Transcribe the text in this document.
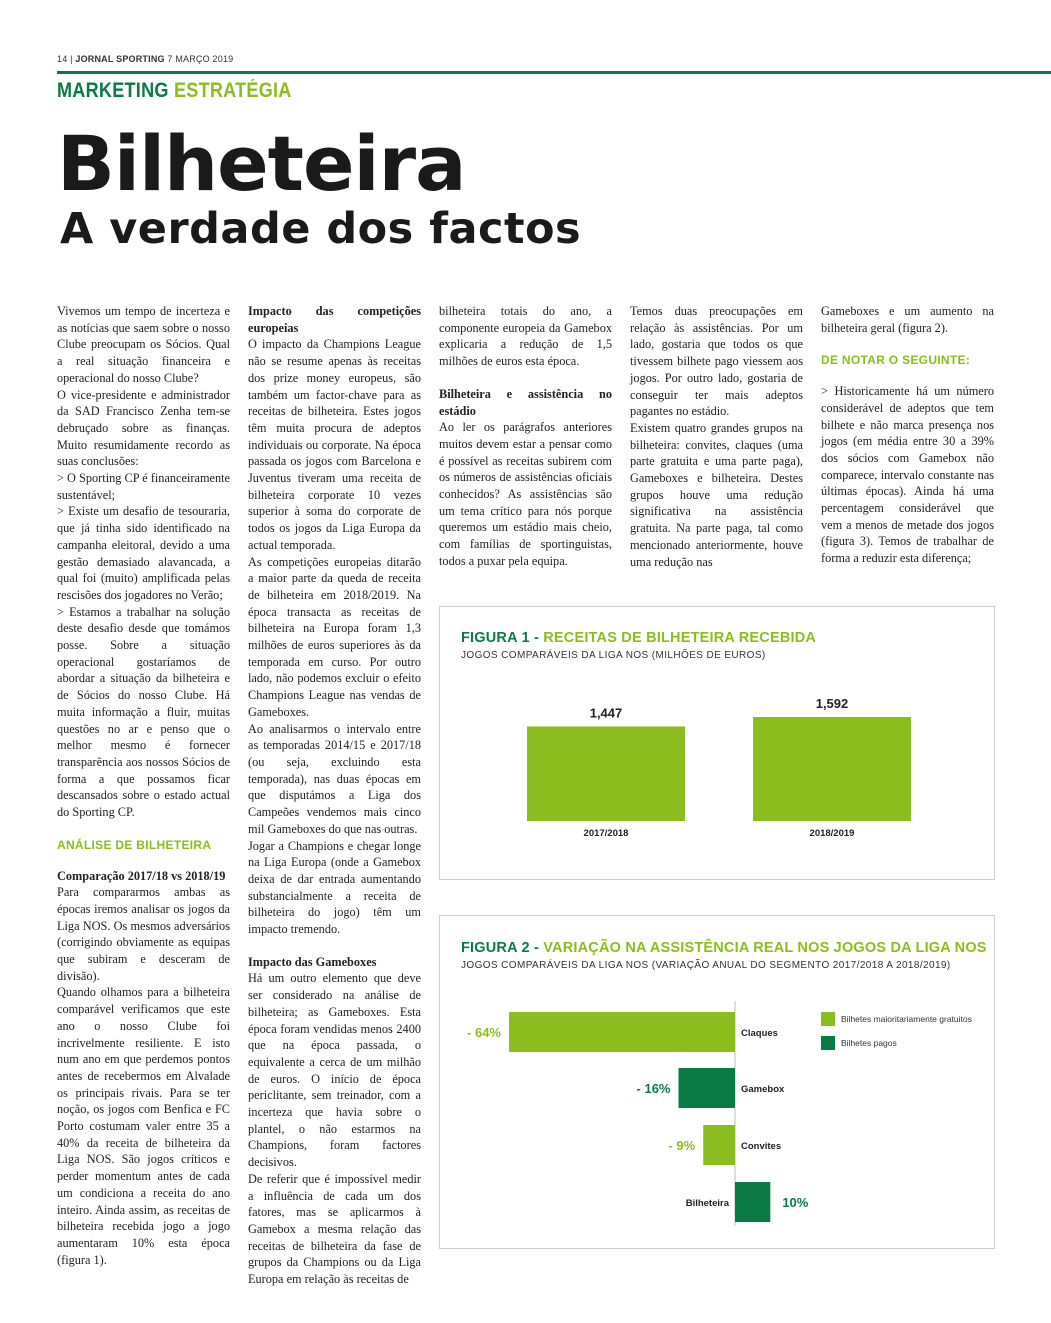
14 | JORNAL SPORTING 7 MARÇO 2019
MARKETING ESTRATÉGIA
Bilheteira
A verdade dos factos

Vivemos um tempo de incerteza e as notícias que saem sobre o nosso Clube preocupam os Sócios. Qual a real situação financeira e operacional do nosso Clube?

O vice-presidente e administrador da SAD Francisco Zenha tem-se debruçado sobre as finanças. Muito resumidamente recordo as suas conclusões:

> O Sporting CP é financeiramente sustentável;

> Existe um desafio de tesouraria, que já tinha sido identificado na campanha eleitoral, devido a uma gestão demasiado alavancada, a qual foi (muito) amplificada pelas rescisões dos jogadores no Verão;

> Estamos a trabalhar na solução deste desafio desde que tomámos posse. Sobre a situação operacional gostaríamos de abordar a situação da bilheteira e de Sócios do nosso Clube. Há muita informação a fluir, muitas questões no ar e penso que o melhor mesmo é fornecer transparência aos nossos Sócios de forma a que possamos ficar descansados sobre o estado actual do Sporting CP.

ANÁLISE DE BILHETEIRA

Comparação 2017/18 vs 2018/19

Para compararmos ambas as épocas iremos analisar os jogos da Liga NOS. Os mesmos adversários (corrigindo obviamente as equipas que subiram e desceram de divisão).

Quando olhamos para a bilheteira comparável verificamos que este ano o nosso Clube foi incrivelmente resiliente. E isto num ano em que perdemos pontos antes de recebermos em Alvalade os principais rivais. Para se ter noção, os jogos com Benfica e FC Porto costumam valer entre 35 a 40% da receita de bilheteira da Liga NOS. São jogos críticos e perder momentum antes de cada um condiciona a receita do ano inteiro. Ainda assim, as receitas de bilheteira recebida jogo a jogo aumentaram 10% esta época (figura 1).

Impacto das competições europeias

O impacto da Champions League não se resume apenas às receitas dos prize money europeus, são também um factor-chave para as receitas de bilheteira. Estes jogos têm muita procura de adeptos individuais ou corporate. Na época passada os jogos com Barcelona e Juventus tiveram uma receita de bilheteira corporate 10 vezes superior à soma do corporate de todos os jogos da Liga Europa da actual temporada.

As competições europeias ditarão a maior parte da queda de receita de bilheteira em 2018/2019. Na época transacta as receitas de bilheteira na Europa foram 1,3 milhões de euros superiores às da temporada em curso. Por outro lado, não podemos excluir o efeito Champions League nas vendas de Gameboxes.

Ao analisarmos o intervalo entre as temporadas 2014/15 e 2017/18 (ou seja, excluindo esta temporada), nas duas épocas em que disputámos a Liga dos Campeões vendemos mais cinco mil Gameboxes do que nas outras.

Jogar a Champions e chegar longe na Liga Europa (onde a Gamebox deixa de dar entrada aumentando substancialmente a receita de bilheteira do jogo) têm um impacto tremendo.

Impacto das Gameboxes

Há um outro elemento que deve ser considerado na análise de bilheteira; as Gameboxes. Esta época foram vendidas menos 2400 que na época passada, o equivalente a cerca de um milhão de euros. O início de época periclitante, sem treinador, com a incerteza que havia sobre o plantel, o não estarmos na Champions, foram factores decisivos.

De referir que é impossível medir a influência de cada um dos fatores, mas se aplicarmos à Gamebox a mesma relação das receitas de bilheteira da fase de grupos da Champions ou da Liga Europa em relação às receitas de

bilheteira totais do ano, a componente europeia da Gamebox explicaria a redução de 1,5 milhões de euros esta época.

Bilheteira e assistência no estádio

Ao ler os parágrafos anteriores muitos devem estar a pensar como é possível as receitas subirem com os números de assistências oficiais conhecidos? As assistências são um tema crítico para nós porque queremos um estádio mais cheio, com famílias de sportinguistas, todos a puxar pela equipa.

Temos duas preocupações em relação às assistências. Por um lado, gostaria que todos os que tivessem bilhete pago viessem aos jogos. Por outro lado, gostaria de conseguir ter mais adeptos pagantes no estádio.

Existem quatro grandes grupos na bilheteira: convites, claques (uma parte gratuita e uma parte paga), Gameboxes e bilheteira. Destes grupos houve uma redução significativa na assistência gratuita. Na parte paga, tal como mencionado anteriormente, houve uma redução nas

Gameboxes e um aumento na bilheteira geral (figura 2).

DE NOTAR O SEGUINTE:

> Historicamente há um número considerável de adeptos que tem bilhete e não marca presença nos jogos (em média entre 30 a 39% dos sócios com Gamebox não comparece, intervalo constante nas últimas épocas). Ainda há uma percentagem considerável que vem a menos de metade dos jogos (figura 3). Temos de trabalhar de forma a reduzir esta diferença;

FIGURA 1 - RECEITAS DE BILHETEIRA RECEBIDA
JOGOS COMPARÁVEIS DA LIGA NOS (MILHÕES DE EUROS)
1,447
2017/2018
1,592
2018/2019
FIGURA 2 - VARIAÇÃO NA ASSISTÊNCIA REAL NOS JOGOS DA LIGA NOS
JOGOS COMPARÁVEIS DA LIGA NOS (VARIAÇÃO ANUAL DO SEGMENTO 2017/2018 A 2018/2019)
- 64%	Claques
- 16%	Gamebox
- 9%	Convites
10%
Bilheteira
Bilhetes maioritariamente gratuitos
Bilhetes pagos
